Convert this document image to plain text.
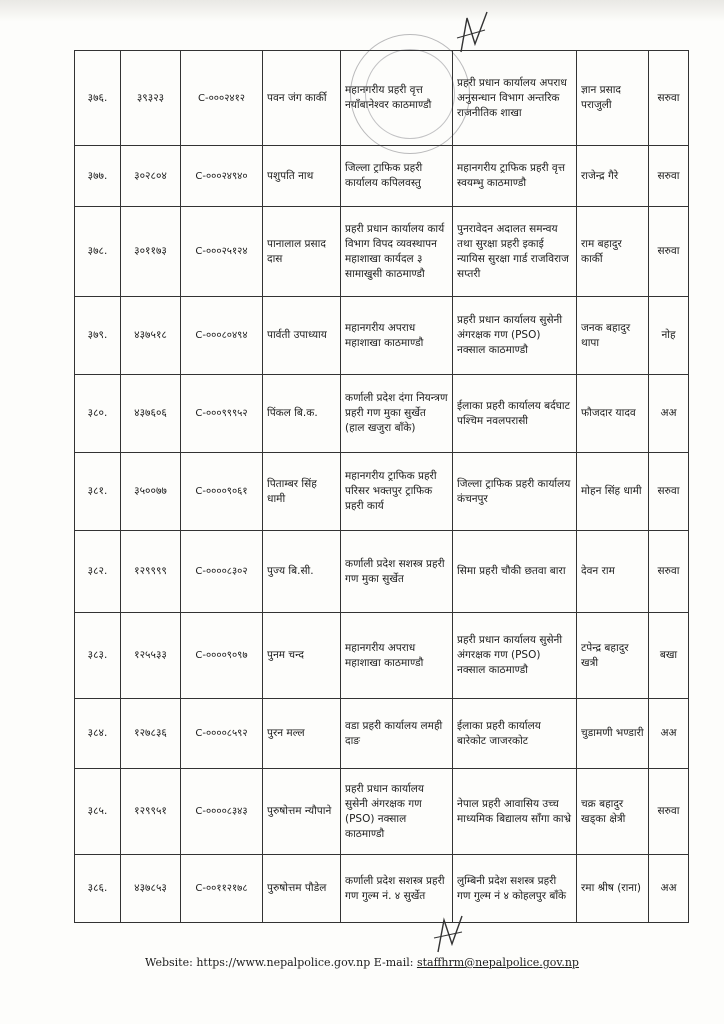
३७६.	३९३२३	C-०००२४१२	पवन जंग कार्की	महानगरीय प्रहरी वृत्त नयाँबानेश्वर काठमाण्डौ	प्रहरी प्रधान कार्यालय अपराध अनुसन्धान विभाग अन्तरिक राजनीतिक शाखा	ज्ञान प्रसाद पराजुली	सरुवा
३७७.	३०२८०४	C-०००२४९४०	पशुपति नाथ	जिल्ला ट्राफिक प्रहरी कार्यालय कपिलवस्तु	महानगरीय ट्राफिक प्रहरी वृत्त स्वयम्भु काठमाण्डौ	राजेन्द्र गैरे	सरुवा
३७८.	३०११७३	C-०००२५१२४	पानालाल प्रसाद दास	प्रहरी प्रधान कार्यालय कार्य विभाग विपद व्यवस्थापन महाशाखा कार्यदल ३ सामाखुसी काठमाण्डौ	पुनरावेदन अदालत समन्वय तथा सुरक्षा प्रहरी इकाई न्यायिस सुरक्षा गार्ड राजविराज सप्तरी	राम बहादुर कार्की	सरुवा
३७९.	४३७५१८	C-०००८०४९४	पार्वती उपाध्याय	महानगरीय अपराध महाशाखा काठमाण्डौ	प्रहरी प्रधान कार्यालय सुसेनी अंगरक्षक गण (PSO) नक्साल काठमाण्डौ	जनक बहादुर थापा	नोह
३८०.	४३७६०६	C-०००९९९५२	पिंकल बि.क.	कर्णाली प्रदेश दंगा नियन्त्रण प्रहरी गण मुका सुर्खेत (हाल खजुरा बाँके)	ईलाका प्रहरी कार्यालय बर्दघाट पश्चिम नवलपरासी	फौजदार यादव	अअ
३८१.	३५००७७	C-००००९०६१	पिताम्बर सिंह धामी	महानगरीय ट्राफिक प्रहरी परिसर भक्तपुर ट्राफिक प्रहरी कार्य	जिल्ला ट्राफिक प्रहरी कार्यालय कंचनपुर	मोहन सिंह धामी	सरुवा
३८२.	१२९९९९	C-००००८३०२	पुज्य बि.सी.	कर्णाली प्रदेश सशस्त्र प्रहरी गण मुका सुर्खेत	सिमा प्रहरी चौकी छतवा बारा	देवन राम	सरुवा
३८३.	१२५५३३	C-००००९०९७	पुनम चन्द	महानगरीय अपराध महाशाखा काठमाण्डौ	प्रहरी प्रधान कार्यालय सुसेनी अंगरक्षक गण (PSO) नक्साल काठमाण्डौ	टपेन्द्र बहादुर खत्री	बखा
३८४.	१२७८३६	C-००००८५९२	पुरन मल्ल	वडा प्रहरी कार्यालय लमही दाङ	ईलाका प्रहरी कार्यालय बारेकोट जाजरकोट	चुडामणी भण्डारी	अअ
३८५.	१२९९५१	C-००००८३४३	पुरुषोत्तम न्यौपाने	प्रहरी प्रधान कार्यालय सुसेनी अंगरक्षक गण (PSO) नक्साल काठमाण्डौ	नेपाल प्रहरी आवासिय उच्च माध्यमिक बिद्यालय साँगा काभ्रे	चक्र बहादुर खड्का क्षेत्री	सरुवा
३८६.	४३७८५३	C-००११२१७८	पुरुषोत्तम पौडेल	कर्णाली प्रदेश सशस्त्र प्रहरी गण गुल्म नं. ४ सुर्खेत	लुम्बिनी प्रदेश सशस्त्र प्रहरी गण गुल्म नं ४ कोहलपुर बाँके	रमा श्रीष (राना)	अअ
Website: https://www.nepalpolice.gov.np E-mail: staffhrm@nepalpolice.gov.np
